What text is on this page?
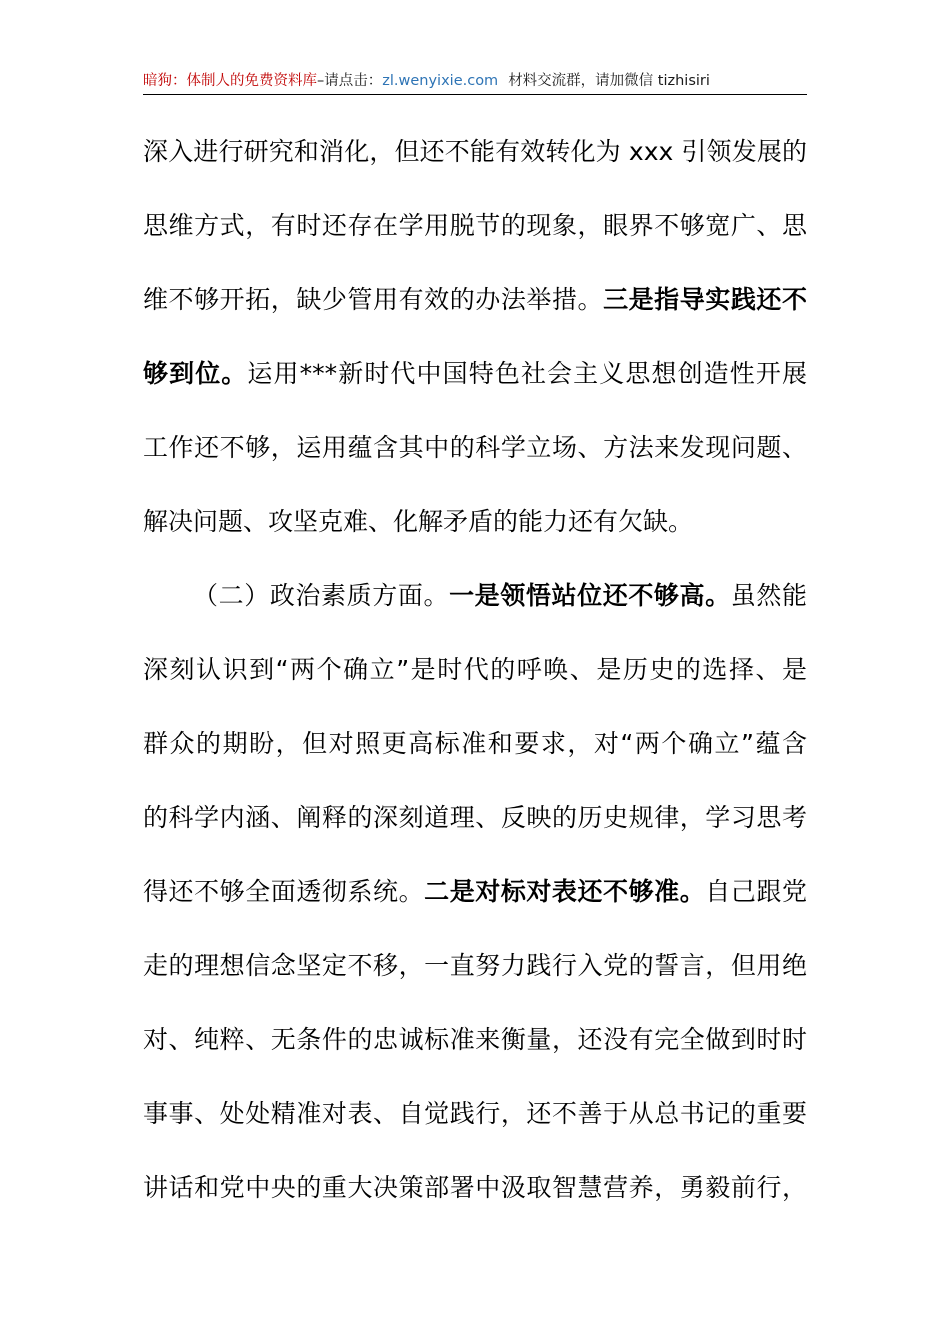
暗狗：体制人的免费资料库–请点击：zl.wenyixie.com 材料交流群，请加微信 tizhisiri
深入进行研究和消化，但还不能有效转化为 xxx 引领发展的
思维方式，有时还存在学用脱节的现象，眼界不够宽广、思
维不够开拓，缺少管用有效的办法举措。三是指导实践还不
够到位。运用***新时代中国特色社会主义思想创造性开展
工作还不够，运用蕴含其中的科学立场、方法来发现问题、
解决问题、攻坚克难、化解矛盾的能力还有欠缺。
（二）政治素质方面。一是领悟站位还不够高。虽然能
深刻认识到“两个确立”是时代的呼唤、是历史的选择、是
群众的期盼，但对照更高标准和要求，对“两个确立”蕴含
的科学内涵、阐释的深刻道理、反映的历史规律，学习思考
得还不够全面透彻系统。二是对标对表还不够准。自己跟党
走的理想信念坚定不移，一直努力践行入党的誓言，但用绝
对、纯粹、无条件的忠诚标准来衡量，还没有完全做到时时
事事、处处精准对表、自觉践行，还不善于从总书记的重要
讲话和党中央的重大决策部署中汲取智慧营养，勇毅前行，
